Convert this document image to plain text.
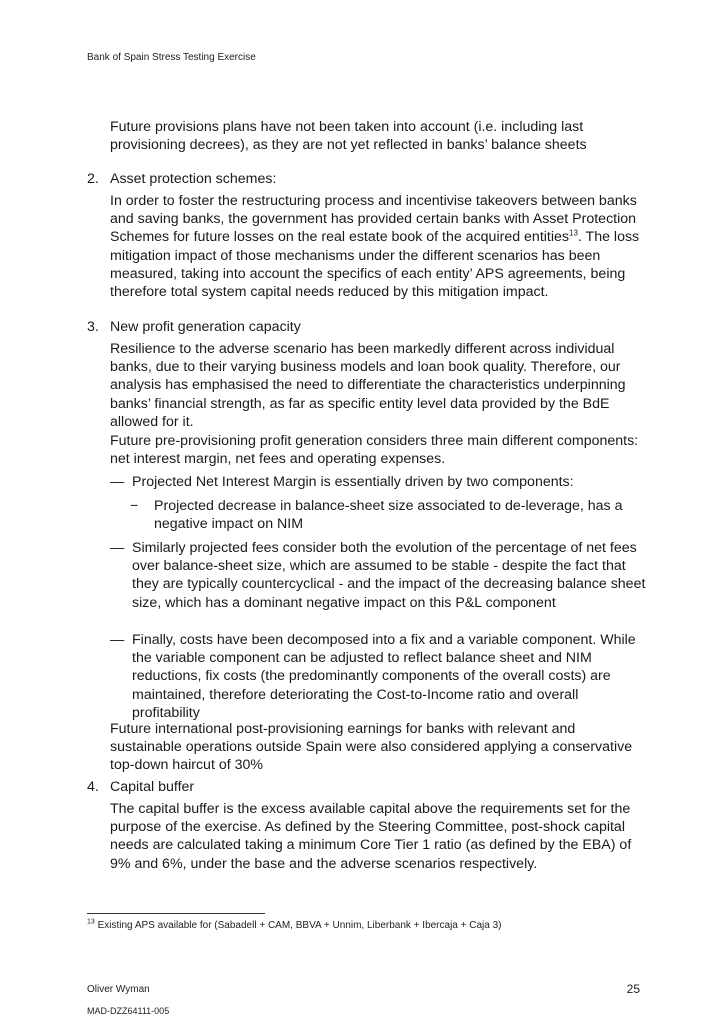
Bank of Spain Stress Testing Exercise
Future provisions plans have not been taken into account (i.e. including last provisioning decrees), as they are not yet reflected in banks’ balance sheets
2. Asset protection schemes:
In order to foster the restructuring process and incentivise takeovers between banks and saving banks, the government has provided certain banks with Asset Protection Schemes for future losses on the real estate book of the acquired entities$^{13}$. The loss mitigation impact of those mechanisms under the different scenarios has been measured, taking into account the specifics of each entity’ APS agreements, being therefore total system capital needs reduced by this mitigation impact.
3. New profit generation capacity
Resilience to the adverse scenario has been markedly different across individual banks, due to their varying business models and loan book quality. Therefore, our analysis has emphasised the need to differentiate the characteristics underpinning banks’ financial strength, as far as specific entity level data provided by the BdE allowed for it.
Future pre-provisioning profit generation considers three main different components: net interest margin, net fees and operating expenses.
— Projected Net Interest Margin is essentially driven by two components:
− Projected decrease in balance-sheet size associated to de-leverage, has a negative impact on NIM
— Similarly projected fees consider both the evolution of the percentage of net fees over balance-sheet size, which are assumed to be stable - despite the fact that they are typically countercyclical - and the impact of the decreasing balance sheet size, which has a dominant negative impact on this P&L component
— Finally, costs have been decomposed into a fix and a variable component. While the variable component can be adjusted to reflect balance sheet and NIM reductions, fix costs (the predominantly components of the overall costs) are maintained, therefore deteriorating the Cost-to-Income ratio and overall profitability
Future international post-provisioning earnings for banks with relevant and sustainable operations outside Spain were also considered applying a conservative top-down haircut of 30%
4. Capital buffer
The capital buffer is the excess available capital above the requirements set for the purpose of the exercise. As defined by the Steering Committee, post-shock capital needs are calculated taking a minimum Core Tier 1 ratio (as defined by the EBA) of 9% and 6%, under the base and the adverse scenarios respectively.
$^{13}$ Existing APS available for (Sabadell + CAM, BBVA + Unnim, Liberbank + Ibercaja + Caja 3)
Oliver Wyman	25
MAD-DZZ64111-005
